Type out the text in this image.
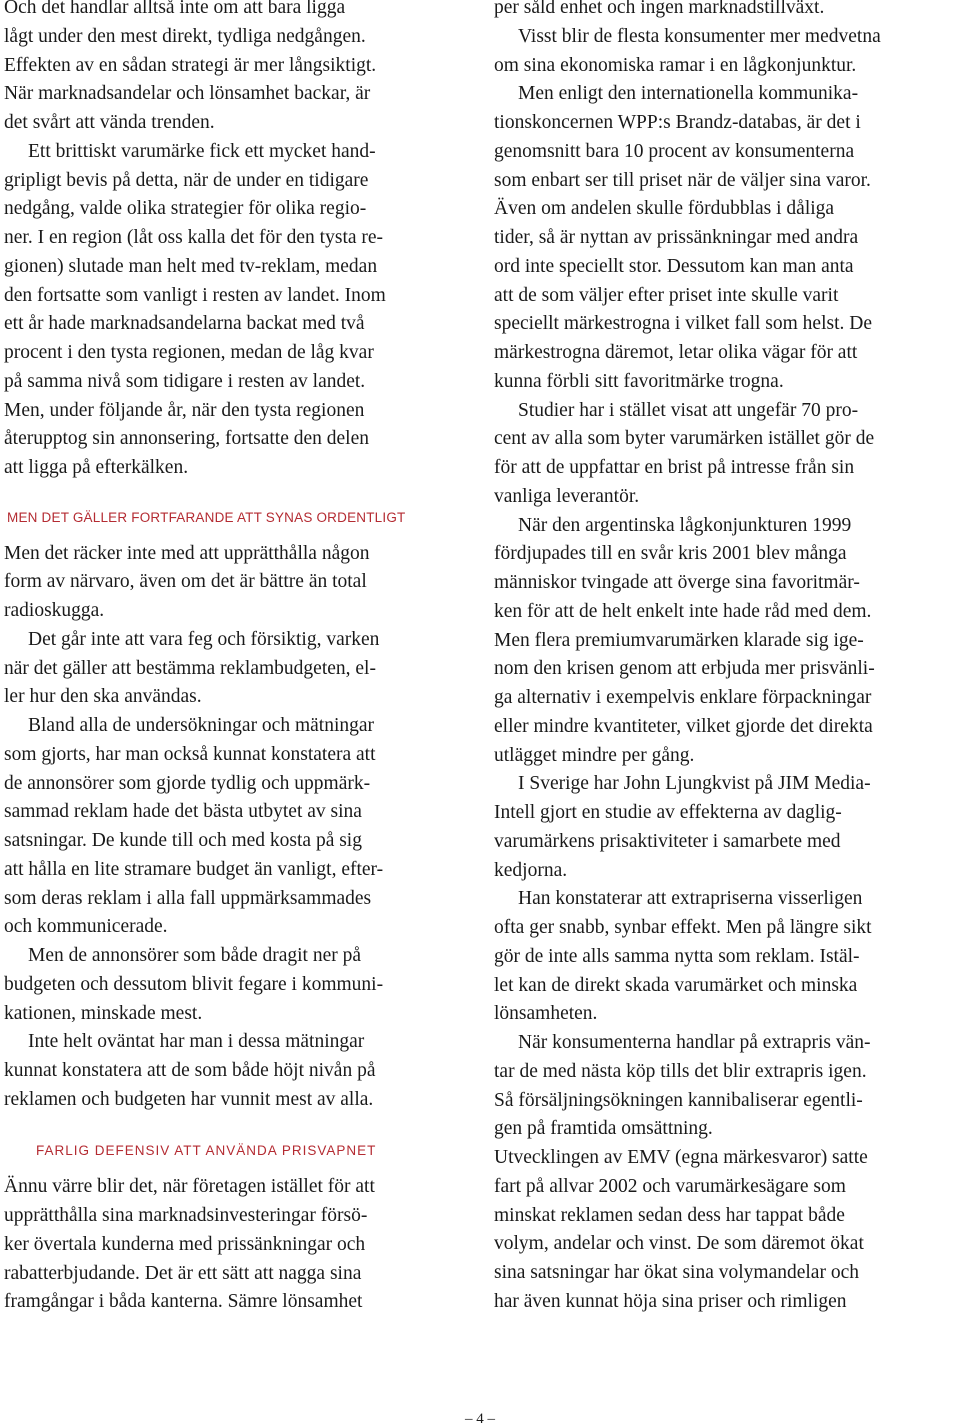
Och det handlar alltså inte om att bara ligga
lågt under den mest direkt, tydliga nedgången.
Effekten av en sådan strategi är mer långsiktigt.
När marknadsandelar och lönsamhet backar, är
det svårt att vända trenden.
Ett brittiskt varumärke fick ett mycket hand-
gripligt bevis på detta, när de under en tidigare
nedgång, valde olika strategier för olika regio-
ner. I en region (låt oss kalla det för den tysta re-
gionen) slutade man helt med tv-reklam, medan
den fortsatte som vanligt i resten av landet. Inom
ett år hade marknadsandelarna backat med två
procent i den tysta regionen, medan de låg kvar
på samma nivå som tidigare i resten av landet.
Men, under följande år, när den tysta regionen
återupptog sin annonsering, fortsatte den delen
att ligga på efterkälken.
MEN DET GÄLLER FORTFARANDE ATT SYNAS ORDENTLIGT
Men det räcker inte med att upprätthålla någon
form av närvaro, även om det är bättre än total
radioskugga.
Det går inte att vara feg och försiktig, varken
när det gäller att bestämma reklambudgeten, el-
ler hur den ska användas.
Bland alla de undersökningar och mätningar
som gjorts, har man också kunnat konstatera att
de annonsörer som gjorde tydlig och uppmärk-
sammad reklam hade det bästa utbytet av sina
satsningar. De kunde till och med kosta på sig
att hålla en lite stramare budget än vanligt, efter-
som deras reklam i alla fall uppmärksammades
och kommunicerade.
Men de annonsörer som både dragit ner på
budgeten och dessutom blivit fegare i kommuni-
kationen, minskade mest.
Inte helt oväntat har man i dessa mätningar
kunnat konstatera att de som både höjt nivån på
reklamen och budgeten har vunnit mest av alla.
FARLIG DEFENSIV ATT ANVÄNDA PRISVAPNET
Ännu värre blir det, när företagen istället för att
upprätthålla sina marknadsinvesteringar försö-
ker övertala kunderna med prissänkningar och
rabatterbjudande. Det är ett sätt att nagga sina
framgångar i båda kanterna. Sämre lönsamhet
per såld enhet och ingen marknadstillväxt.
Visst blir de flesta konsumenter mer medvetna
om sina ekonomiska ramar i en lågkonjunktur.
Men enligt den internationella kommunika-
tionskoncernen WPP:s Brandz-databas, är det i
genomsnitt bara 10 procent av konsumenterna
som enbart ser till priset när de väljer sina varor.
Även om andelen skulle fördubblas i dåliga
tider, så är nyttan av prissänkningar med andra
ord inte speciellt stor. Dessutom kan man anta
att de som väljer efter priset inte skulle varit
speciellt märkestrogna i vilket fall som helst. De
märkestrogna däremot, letar olika vägar för att
kunna förbli sitt favoritmärke trogna.
Studier har i stället visat att ungefär 70 pro-
cent av alla som byter varumärken istället gör de
för att de uppfattar en brist på intresse från sin
vanliga leverantör.
När den argentinska lågkonjunkturen 1999
fördjupades till en svår kris 2001 blev många
människor tvingade att överge sina favoritmär-
ken för att de helt enkelt inte hade råd med dem.
Men flera premiumvarumärken klarade sig ige-
nom den krisen genom att erbjuda mer prisvänli-
ga alternativ i exempelvis enklare förpackningar
eller mindre kvantiteter, vilket gjorde det direkta
utlägget mindre per gång.
I Sverige har John Ljungkvist på JIM Media-
Intell gjort en studie av effekterna av daglig-
varumärkens prisaktiviteter i samarbete med
kedjorna.
Han konstaterar att extrapriserna visserligen
ofta ger snabb, synbar effekt. Men på längre sikt
gör de inte alls samma nytta som reklam. Istäl-
let kan de direkt skada varumärket och minska
lönsamheten.
När konsumenterna handlar på extrapris vän-
tar de med nästa köp tills det blir extrapris igen.
Så försäljningsökningen kannibaliserar egentli-
gen på framtida omsättning.
Utvecklingen av EMV (egna märkesvaror) satte
fart på allvar 2002 och varumärkesägare som
minskat reklamen sedan dess har tappat både
volym, andelar och vinst. De som däremot ökat
sina satsningar har ökat sina volymandelar och
har även kunnat höja sina priser och rimligen
– 4 –
